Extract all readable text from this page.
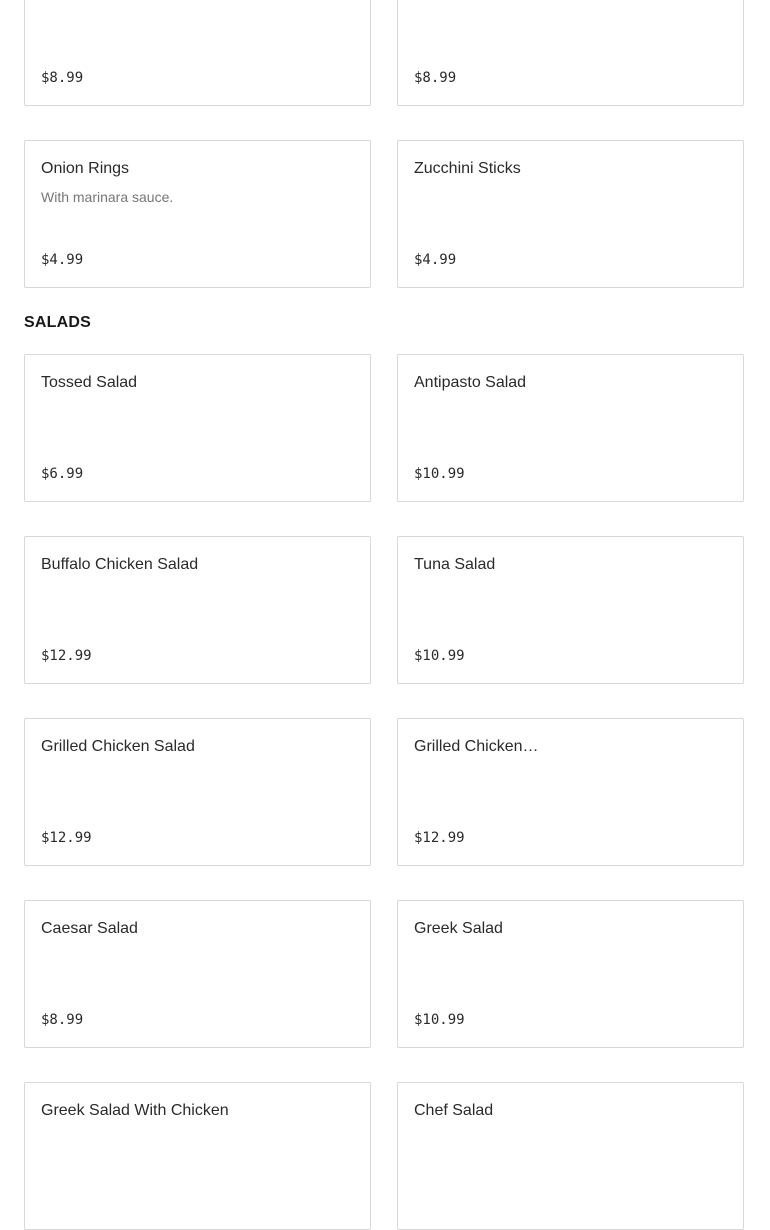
$8.99	$8.99
Onion Rings
With marinara sauce.
$4.99
Zucchini Sticks
$4.99
SALADS
Tossed Salad
$6.99
Antipasto Salad
$10.99
Buffalo Chicken Salad
$12.99
Tuna Salad
$10.99
Grilled Chicken Salad
$12.99
Grilled Chicken…
$12.99
Caesar Salad
$8.99
Greek Salad
$10.99
Greek Salad With Chicken	Chef Salad
